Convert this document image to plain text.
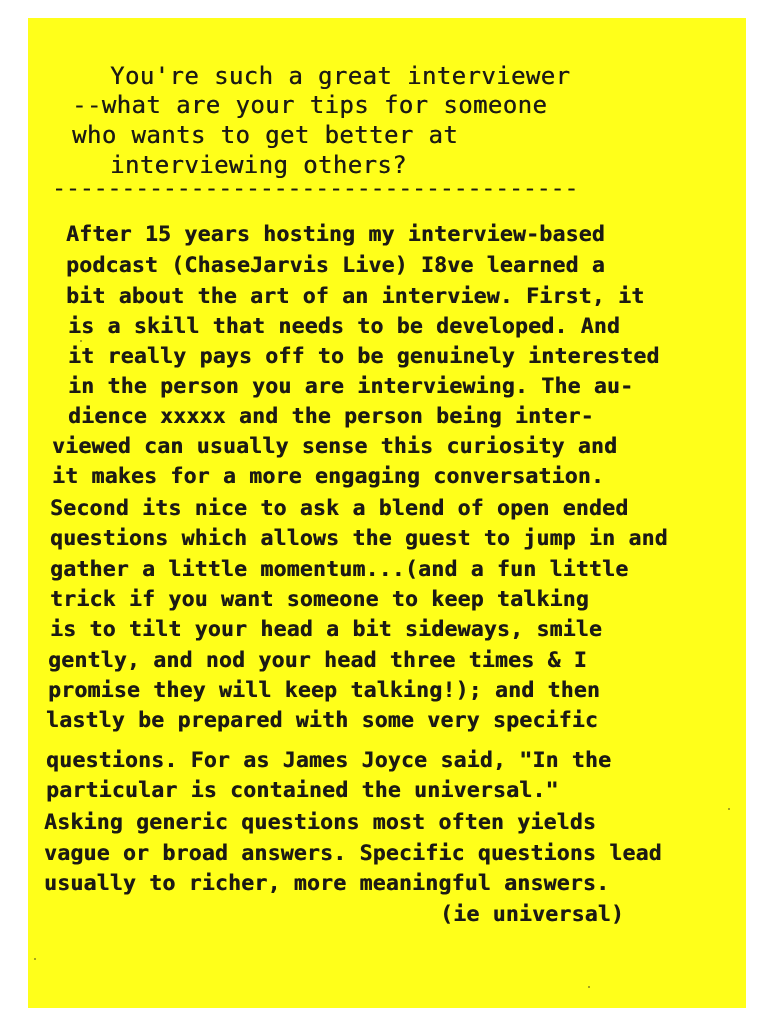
You're such a great interviewer

--what are your tips for someone

who wants to get better at

interviewing others?

--------------------------------------

After 15 years hosting my interview-based

podcast (ChaseJarvis Live) I8ve learned a

bit about the art of an interview. First, it

is a skill that needs to be developed. And

it really pays off to be genuinely interested

in the person you are interviewing. The au-

dience xxxxx and the person being inter-

viewed can usually sense this curiosity and

it makes for a more engaging conversation.

Second its nice to ask a blend of open ended

questions which allows the guest to jump in and

gather a little momentum...(and a fun little

trick if you want someone to keep talking

is to tilt your head a bit sideways, smile

gently, and nod your head three times & I

promise they will keep talking!); and then

lastly be prepared with some very specific

questions. For as James Joyce said, "In the

particular is contained the universal."

Asking generic questions most often yields

vague or broad answers. Specific questions lead

usually to richer, more meaningful answers.

(ie universal)
